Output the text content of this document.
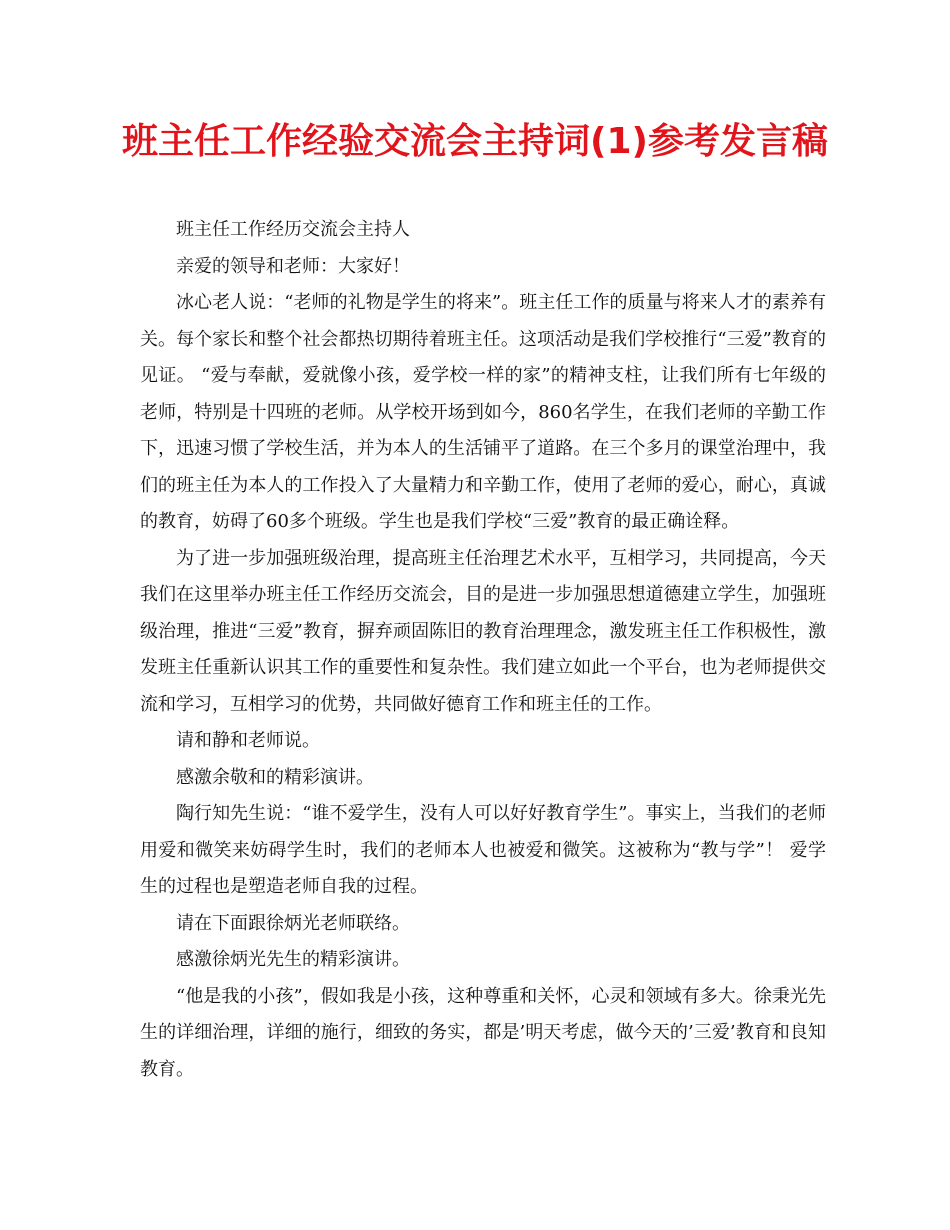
班主任工作经验交流会主持词(1)参考发言稿

班主任工作经历交流会主持人

亲爱的领导和老师：大家好！

冰心老人说：“老师的礼物是学生的将来”。班主任工作的质量与将来人才的素养有关。每个家长和整个社会都热切期待着班主任。这项活动是我们学校推行“三爱”教育的见证。 “爱与奉献，爱就像小孩，爱学校一样的家”的精神支柱，让我们所有七年级的老师，特别是十四班的老师。从学校开场到如今，860名学生，在我们老师的辛勤工作下，迅速习惯了学校生活，并为本人的生活铺平了道路。在三个多月的课堂治理中，我们的班主任为本人的工作投入了大量精力和辛勤工作，使用了老师的爱心，耐心，真诚的教育，妨碍了60多个班级。学生也是我们学校“三爱”教育的最正确诠释。

为了进一步加强班级治理，提高班主任治理艺术水平，互相学习，共同提高，今天我们在这里举办班主任工作经历交流会，目的是进一步加强思想道德建立学生，加强班级治理，推进“三爱”教育，摒弃顽固陈旧的教育治理理念，激发班主任工作积极性，激发班主任重新认识其工作的重要性和复杂性。我们建立如此一个平台，也为老师提供交流和学习，互相学习的优势，共同做好德育工作和班主任的工作。

请和静和老师说。

感激余敬和的精彩演讲。

陶行知先生说：“谁不爱学生，没有人可以好好教育学生”。事实上，当我们的老师用爱和微笑来妨碍学生时，我们的老师本人也被爱和微笑。这被称为“教与学”！ 爱学生的过程也是塑造老师自我的过程。

请在下面跟徐炳光老师联络。

感激徐炳光先生的精彩演讲。

“他是我的小孩”，假如我是小孩，这种尊重和关怀，心灵和领域有多大。徐秉光先生的详细治理，详细的施行，细致的务实，都是’明天考虑，做今天的’三爱’教育和良知教育。
